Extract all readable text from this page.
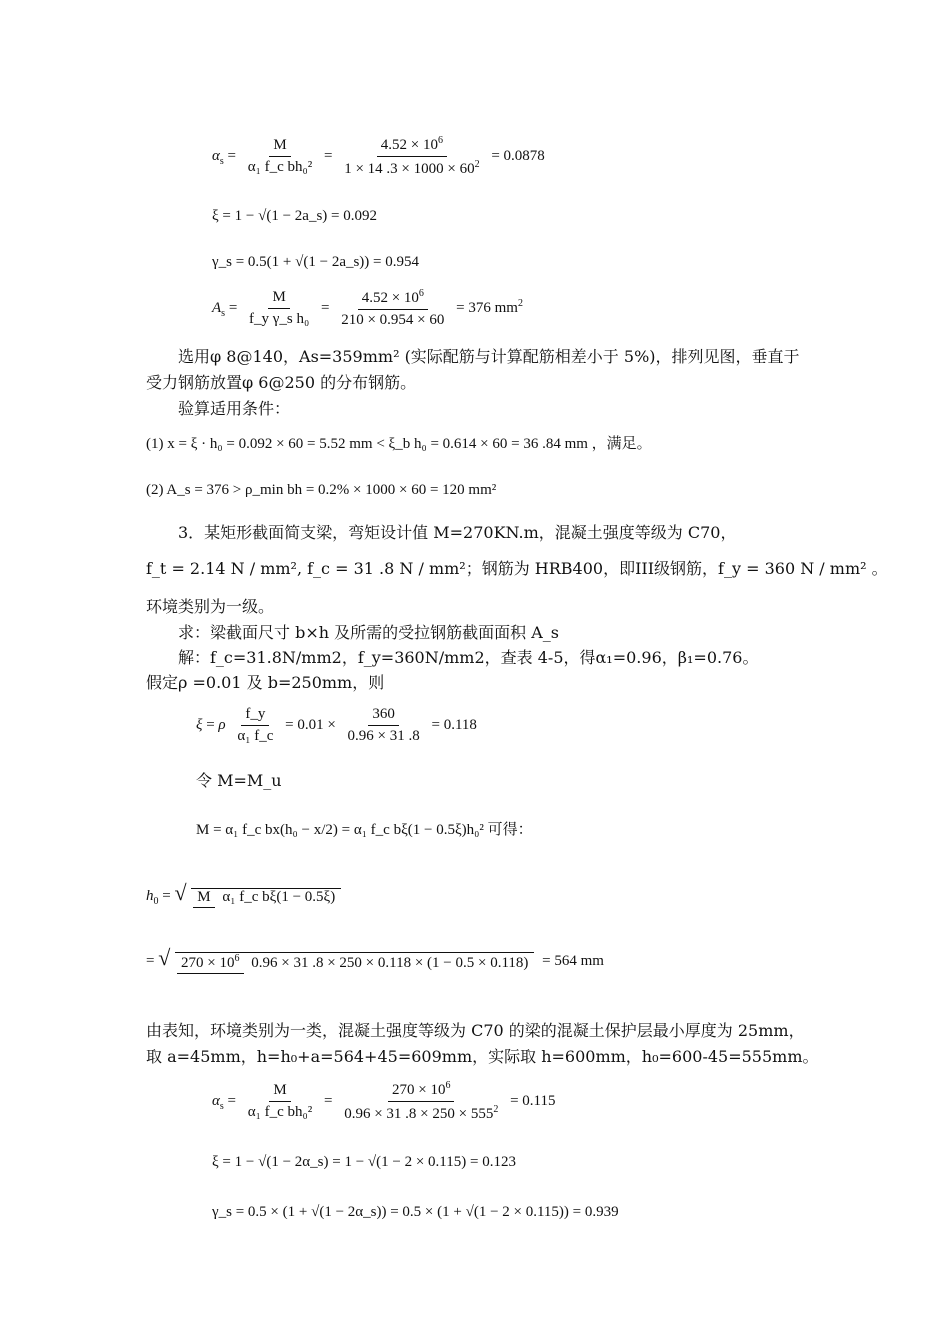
$\alpha_s = \frac{M}{\text{α₁ f\_c bh₀²}} = \frac{4.52 \times 10^6}{1 \times 14 .3 \times 1000 \times 60^2} = 0.0878$
ξ = 1 − √(1 − 2a_s) = 0.092
γ_s = 0.5(1 + √(1 − 2a_s)) = 0.954
$A_s = \frac{M}{\text{f\_y γ\_s h₀}} = \frac{4.52 \times 10^6}{210 \times 0.954 \times 60} = 376$ $mm^2$
选用φ 8@140，As=359mm² (实际配筋与计算配筋相差小于 5%)，排列见图，垂直于
受力钢筋放置φ 6@250 的分布钢筋。
验算适用条件：
(1) x = ξ · h₀ = 0.092 × 60 = 5.52 mm < ξ_b h₀ = 0.614 × 60 = 36 .84 mm ，满足。
(2) A_s = 376 > ρ_min bh = 0.2% × 1000 × 60 = 120 mm²
3．某矩形截面简支梁，弯矩设计值 M=270KN.m，混凝土强度等级为 C70，
f_t = 2.14 N / mm², f_c = 31 .8 N / mm²；钢筋为 HRB400，即III级钢筋，f_y = 360 N / mm² 。
环境类别为一级。
求：梁截面尺寸 b×h 及所需的受拉钢筋截面面积 A_s
解：f_c=31.8N/mm2，f_y=360N/mm2，查表 4-5，得α₁=0.96，β₁=0.76。
假定ρ =0.01 及 b=250mm，则
ξ = ρ $\frac{f\_y}{\text{α₁ f\_c}} = 0.01 \times \frac{360}{0.96 \times 31 .8} = 0.118$
令 M=M_u
M = α₁ f_c bx(h₀ − x/2) = α₁ f_c bξ(1 − 0.5ξ)h₀² 可得：
$h_0$ = √ M α₁ f_c bξ(1 − 0.5ξ)
= √ $270 \times 10^6$ 0.96 × 31 .8 × 250 × 0.118 × (1 − 0.5 × 0.118) = 564 mm
由表知，环境类别为一类，混凝土强度等级为 C70 的梁的混凝土保护层最小厚度为 25mm，
取 a=45mm，h=h₀+a=564+45=609mm，实际取 h=600mm，h₀=600-45=555mm。
$\alpha_s = \frac{M}{\text{α₁ f\_c bh₀²}} = \frac{270 \times 10^6}{0.96 \times 31 .8 \times 250 \times 555^2} = 0.115$
ξ = 1 − √(1 − 2α_s) = 1 − √(1 − 2 × 0.115) = 0.123
γ_s = 0.5 × (1 + √(1 − 2α_s)) = 0.5 × (1 + √(1 − 2 × 0.115)) = 0.939
